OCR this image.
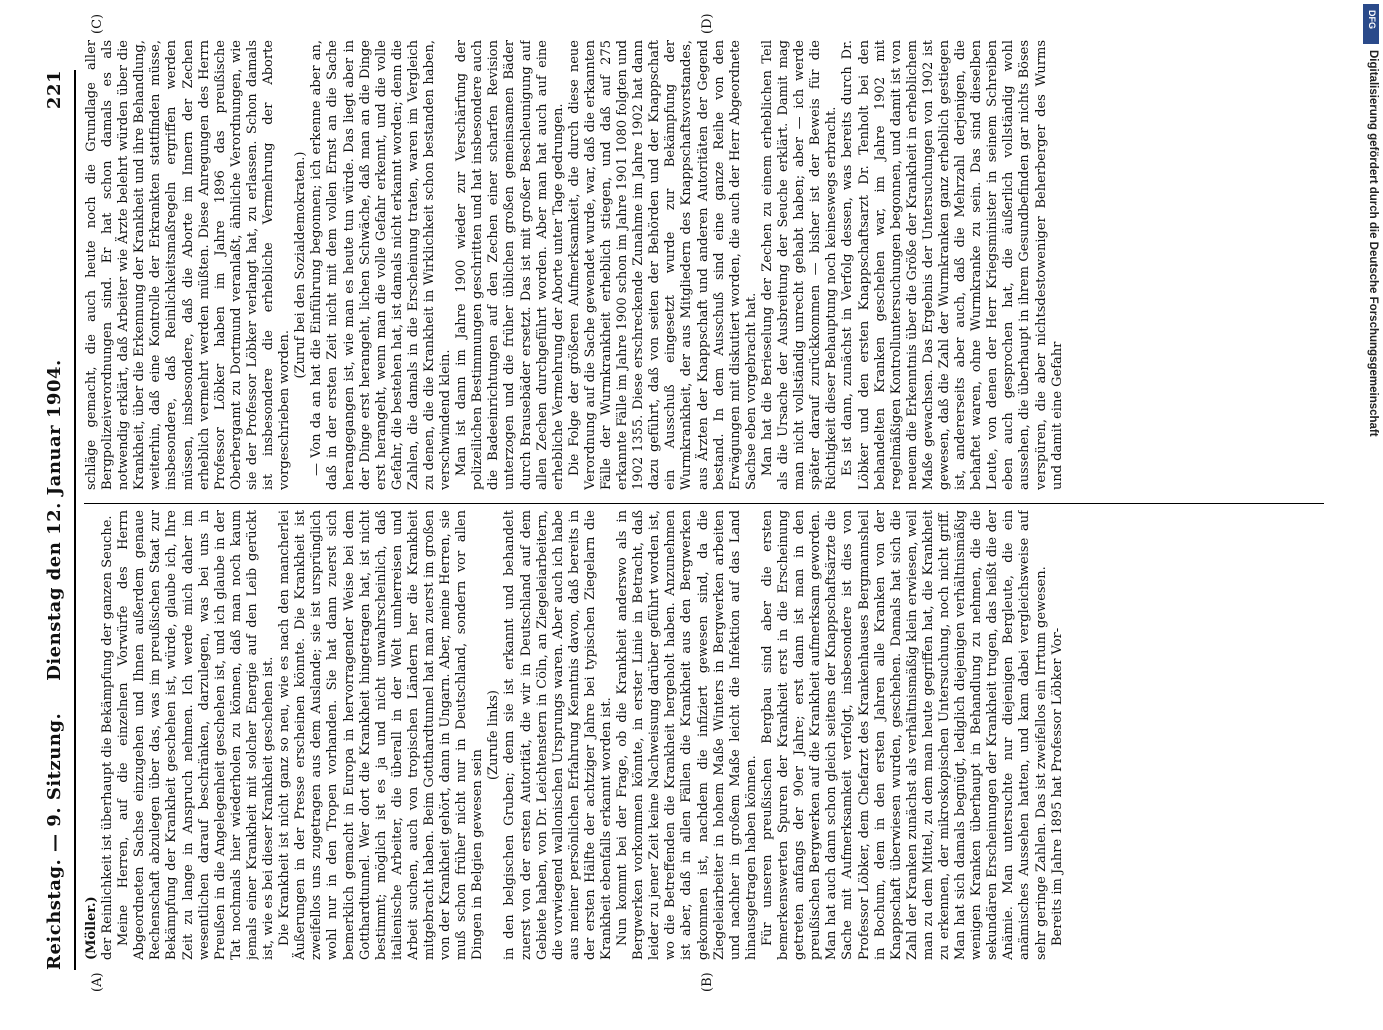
Reichstag. — 9. Sitzung.
Dienstag den 12. Januar 1904.
221
(A)	(B)
(C)	(D)

(Möller.) der Reinlichkeit ist überhaupt die Bekämpfung der ganzen Seuche. Meine Herren, auf die einzelnen Vorwürfe des Herrn Abgeordneten Sachse einzugehen und Ihnen außerdem genaue Rechenschaft abzulegen über das, was im preußischen Staat zur Bekämpfung der Krankheit geschehen ist, würde, glaube ich, Ihre Zeit zu lange in Anspruch nehmen. Ich werde mich daher im wesentlichen darauf beschränken, darzulegen, was bei uns in Preußen in die Angelegenheit geschehen ist, und ich glaube in der Tat nochmals hier wiederholen zu können, daß man noch kaum jemals einer Krankheit mit solcher Energie auf den Leib gerückt ist, wie es bei dieser Krankheit geschehen ist. Die Krankheit ist nicht ganz so neu, wie es nach den mancherlei Äußerungen in der Presse erscheinen könnte. Die Krankheit ist zweifellos uns zugetragen aus dem Auslande; sie ist ursprünglich wohl nur in den Tropen vorhanden. Sie hat dann zuerst sich bemerklich gemacht in Europa in hervorragender Weise bei dem Gotthardtunnel. Wer dort die Krankheit hingetragen hat, ist nicht bestimmt; möglich ist es ja und nicht unwahrscheinlich, daß italienische Arbeiter, die überall in der Welt umherreisen und Arbeit suchen, auch von tropischen Ländern her die Krankheit mitgebracht haben. Beim Gotthardtunnel hat man zuerst im großen von der Krankheit gehört, dann in Ungarn. Aber, meine Herren, sie muß schon früher nicht nur in Deutschland, sondern vor allen Dingen in Belgien gewesen sein

(Zurufe links) in den belgischen Gruben; denn sie ist erkannt und behandelt zuerst von der ersten Autorität, die wir in Deutschland auf dem Gebiete haben, von Dr. Leichtenstern in Cöln, an Ziegeleiarbeitern, die vorwiegend wallonischen Ursprungs waren. Aber auch ich habe aus meiner persönlichen Erfahrung Kenntnis davon, daß bereits in der ersten Hälfte der achtziger Jahre bei typischen Ziegelarn die Krankheit ebenfalls erkannt worden ist. Nun kommt bei der Frage, ob die Krankheit anderswo als in Bergwerken vorkommen könnte, in erster Linie in Betracht, daß leider zu jener Zeit keine Nachweisung darüber geführt worden ist, wo die Betreffenden die Krankheit hergeholt haben. Anzunehmen ist aber, daß in allen Fällen die Krankheit aus den Bergwerken gekommen ist, nachdem die infiziert gewesen sind, da die Ziegeleiarbeiter in hohem Maße Winters in Bergwerken arbeiten und nachher in großem Maße leicht die Infektion auf das Land hinausgetragen haben können. Für unseren preußischen Bergbau sind aber die ersten bemerkenswerten Spuren der Krankheit erst in die Erscheinung getreten anfangs der 90er Jahre; erst dann ist man in den preußischen Bergwerken auf die Krankheit aufmerksam geworden. Man hat auch dann schon gleich seitens der Knappschaftsärzte die Sache mit Aufmerksamkeit verfolgt, insbesondere ist dies von Professor Löbker, dem Chefarzt des Krankenhauses Bergmannsheil in Bochum, dem in den ersten Jahren alle Kranken von der Knappschaft überwiesen wurden, geschehen. Damals hat sich die Zahl der Kranken zunächst als verhältnismäßig klein erwiesen, weil man zu dem Mittel, zu dem man heute gegriffen hat, die Krankheit zu erkennen, der mikroskopischen Untersuchung, noch nicht griff. Man hat sich damals begnügt, lediglich diejenigen verhältnismäßig wenigen Kranken überhaupt in Behandlung zu nehmen, die die sekundären Erscheinungen der Krankheit trugen, das heißt die der Anämie. Man untersuchte nur diejenigen Bergleute, die ein anämisches Aussehen hatten, und kam dabei vergleichsweise auf sehr geringe Zahlen. Das ist zweifellos ein Irrtum gewesen. Bereits im Jahre 1895 hat Professor Löbker Vor-

schläge gemacht, die auch heute noch die Grundlage aller Bergpolizeiverordnungen sind. Er hat schon damals es als notwendig erklärt, daß Arbeiter wie Ärzte belehrt würden über die Krankheit, über die Erkennung der Krankheit und ihre Behandlung, weiterhin, daß eine Kontrolle der Erkrankten stattfinden müsse, insbesondere, daß Reinlichkeitsmaßregeln ergriffen werden müssen, insbesondere, daß die Aborte im Innern der Zechen erheblich vermehrt werden müßten. Diese Anregungen des Herrn Professor Löbker haben im Jahre 1896 das preußische Oberbergamt zu Dortmund veranlaßt, ähnliche Verordnungen, wie sie der Professor Löbker verlangt hat, zu erlassen. Schon damals ist insbesondere die erhebliche Vermehrung der Aborte vorgeschrieben worden.

(Zuruf bei den Sozialdemokraten.) — Von da an hat die Einführung begonnen; ich erkenne aber an, daß in der ersten Zeit nicht mit dem vollen Ernst an die Sache herangegangen ist, wie man es heute tun würde. Das liegt aber in der Dinge erst herangeht, lichen Schwäche, daß man an die Dinge erst herangeht, wenn man die volle Gefahr erkennt, und die volle Gefahr, die bestehen hat, ist damals nicht erkannt worden; denn die Zahlen, die damals in die Erscheinung traten, waren im Vergleich zu denen, die die Krankheit in Wirklichkeit schon bestanden haben, verschwindend klein. Man ist dann im Jahre 1900 wieder zur Verschärfung der polizeilichen Bestimmungen geschritten und hat insbesondere auch die Badeeinrichtungen auf den Zechen einer scharfen Revision unterzogen und die früher üblichen großen gemeinsamen Bäder durch Brausebäder ersetzt. Das ist mit großer Beschleunigung auf allen Zechen durchgeführt worden. Aber man hat auch auf eine erhebliche Vermehrung der Aborte unter Tage gedrungen. Die Folge der größeren Aufmerksamkeit, die durch diese neue Verordnung auf die Sache gewendet wurde, war, daß die erkannten Fälle der Wurmkrankheit erheblich stiegen, und daß auf 275 erkannte Fälle im Jahre 1900 schon im Jahre 1901 1080 folgten und 1902 1355. Diese erschreckende Zunahme im Jahre 1902 hat dann dazu geführt, daß von seiten der Behörden und der Knappschaft ein Ausschuß eingesetzt wurde zur Bekämpfung der Wurmkrankheit, der aus Mitgliedern des Knappschaftsvorstandes, aus Ärzten der Knappschaft und anderen Autoritäten der Gegend bestand. In dem Ausschuß sind eine ganze Reihe von den Erwägungen mit diskutiert worden, die auch der Herr Abgeordnete Sachse eben vorgebracht hat. Man hat die Berieselung der Zechen zu einem erheblichen Teil als die Ursache der Ausbreitung der Seuche erklärt. Damit mag man nicht vollständig unrecht gehabt haben; aber — ich werde später darauf zurückkommen — bisher ist der Beweis für die Richtigkeit dieser Behauptung noch keineswegs erbracht. Es ist dann, zunächst in Verfolg dessen, was bereits durch Dr. Löbker und den ersten Knappschaftsarzt Dr. Tenholt bei den behandelten Kranken geschehen war, im Jahre 1902 mit regelmäßigen Kontrolluntersuchungen begonnen, und damit ist von neuem die Erkenntnis über die Größe der Krankheit in erheblichem Maße gewachsen. Das Ergebnis der Untersuchungen von 1902 ist gewesen, daß die Zahl der Wurmkranken ganz erheblich gestiegen ist, andererseits aber auch, daß die Mehrzahl derjenigen, die behaftet waren, ohne Wurmkranke zu sein. Das sind dieselben Leute, von denen der Herr Kriegsminister in seinem Schreiben eben auch gesprochen hat, die äußerlich vollständig wohl aussehen, die überhaupt in ihrem Gesundbefinden gar nichts Böses verspüren, die aber nichtsdestoweniger Beherberger des Wurms und damit eine Gefahr

DFG
Digitalisierung gefördert durch die Deutsche Forschungsgemeinschaft
